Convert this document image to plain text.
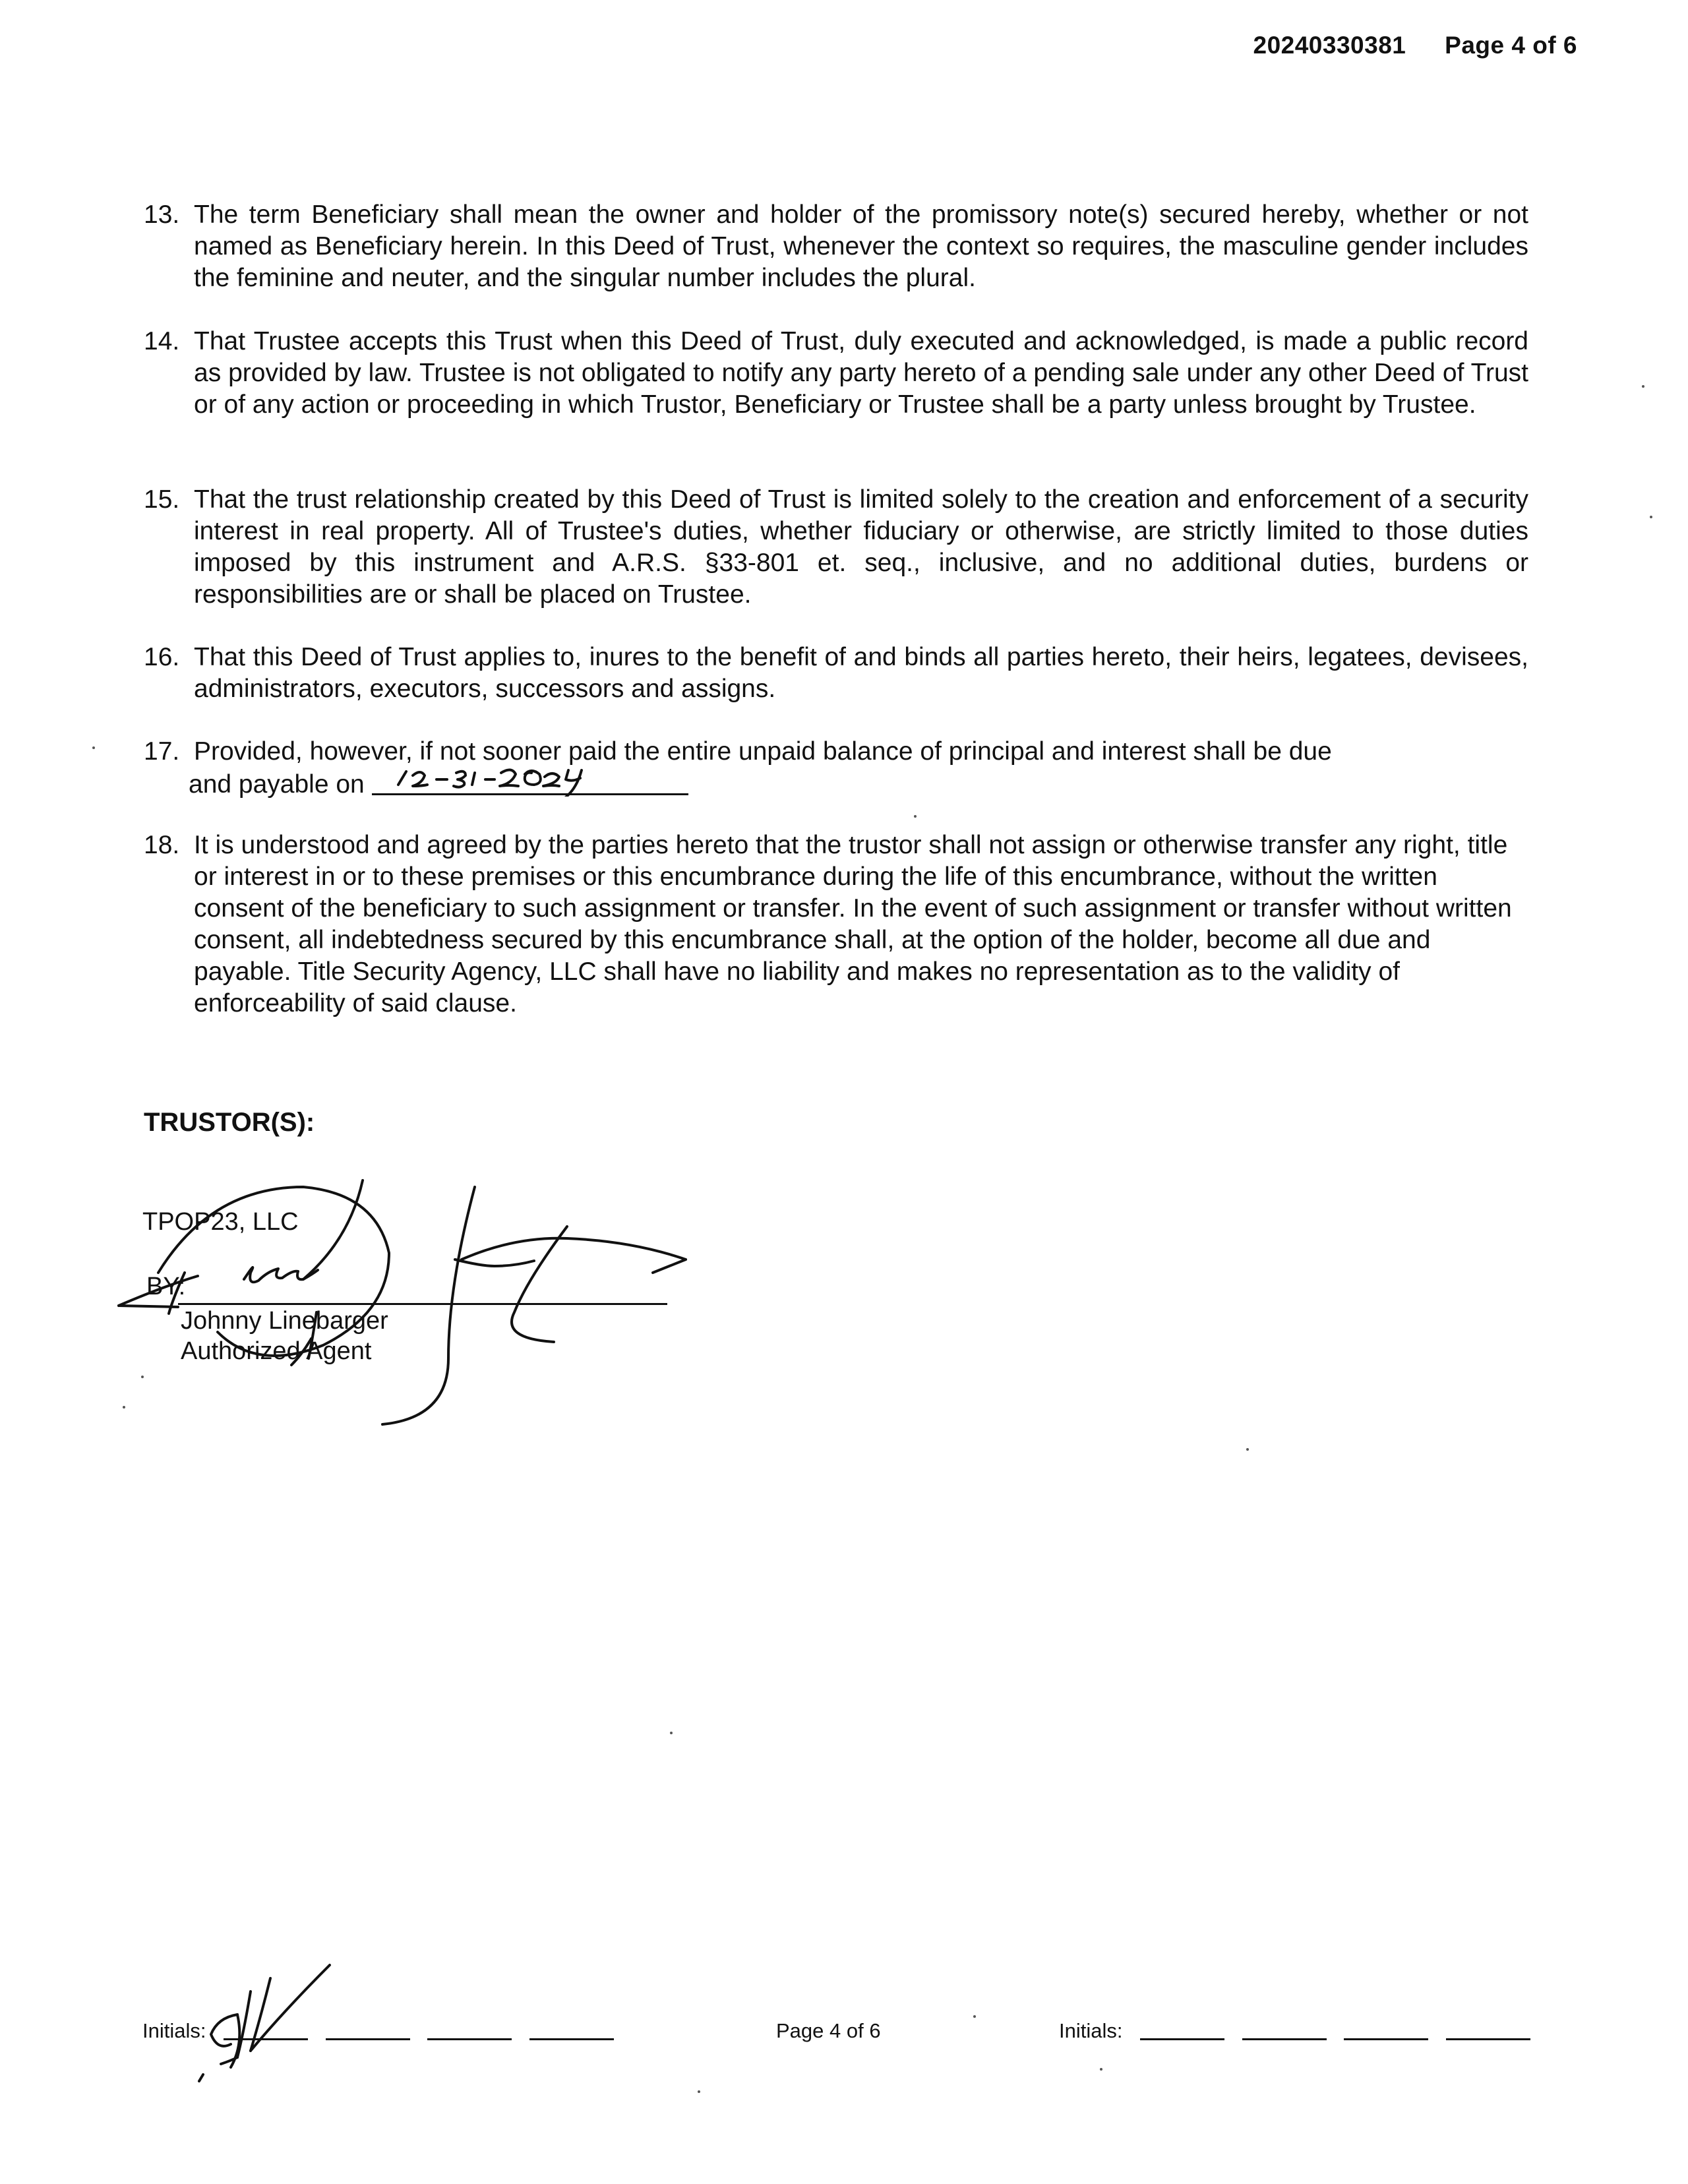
20240330381 Page 4 of 6
13. The term Beneficiary shall mean the owner and holder of the promissory note(s) secured hereby, whether or not named as Beneficiary herein. In this Deed of Trust, whenever the context so requires, the masculine gender includes the feminine and neuter, and the singular number includes the plural.
14. That Trustee accepts this Trust when this Deed of Trust, duly executed and acknowledged, is made a public record as provided by law. Trustee is not obligated to notify any party hereto of a pending sale under any other Deed of Trust or of any action or proceeding in which Trustor, Beneficiary or Trustee shall be a party unless brought by Trustee.
15. That the trust relationship created by this Deed of Trust is limited solely to the creation and enforcement of a security interest in real property. All of Trustee's duties, whether fiduciary or otherwise, are strictly limited to those duties imposed by this instrument and A.R.S. §33-801 et. seq., inclusive, and no additional duties, burdens or responsibilities are or shall be placed on Trustee.
16. That this Deed of Trust applies to, inures to the benefit of and binds all parties hereto, their heirs, legatees, devisees, administrators, executors, successors and assigns.
17. Provided, however, if not sooner paid the entire unpaid balance of principal and interest shall be due
and payable on
18. It is understood and agreed by the parties hereto that the trustor shall not assign or otherwise transfer any right, title or interest in or to these premises or this encumbrance during the life of this encumbrance, without the written consent of the beneficiary to such assignment or transfer. In the event of such assignment or transfer without written consent, all indebtedness secured by this encumbrance shall, at the option of the holder, become all due and payable. Title Security Agency, LLC shall have no liability and makes no representation as to the validity of enforceability of said clause.
TRUSTOR(S):
TPOP23, LLC
BY:
Johnny Linebarger
Authorized Agent
Initials:	Page 4 of 6	Initials:
